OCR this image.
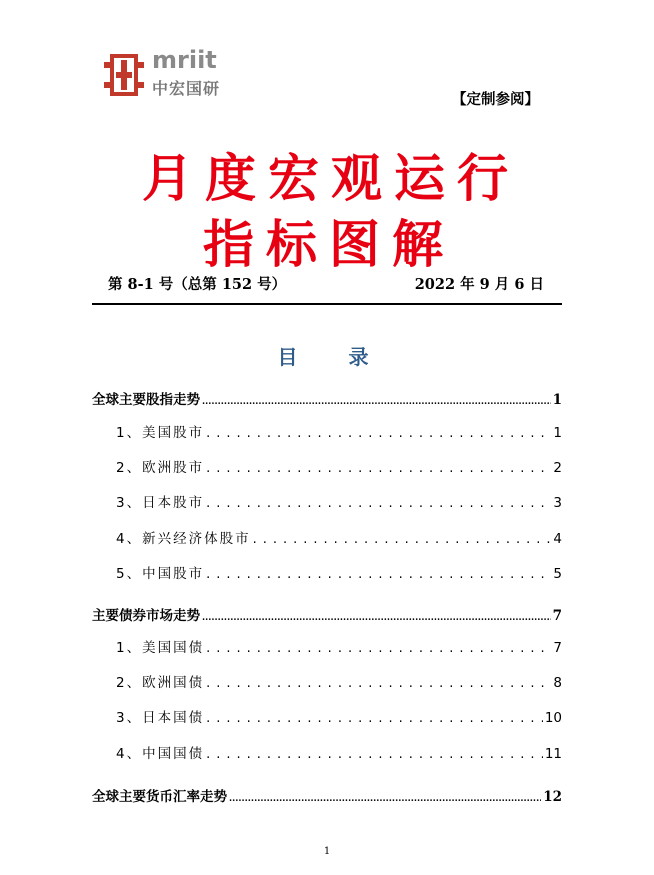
mriit
中宏国研
【定制参阅】
月度宏观运行
指标图解
第 8-1 号（总第 152 号）	2022 年 9 月 6 日
目 录
全球主要股指走势 .....	1
1、美国股市 .....	1
2、欧洲股市 .....	2
3、日本股市 .....	3
4、新兴经济体股市 .....	4
5、中国股市 .....	5
主要债券市场走势 .....	7
1、美国国债 .....	7
2、欧洲国债 .....	8
3、日本国债 .....	10
4、中国国债 .....	11
全球主要货币汇率走势 .....	12
1
